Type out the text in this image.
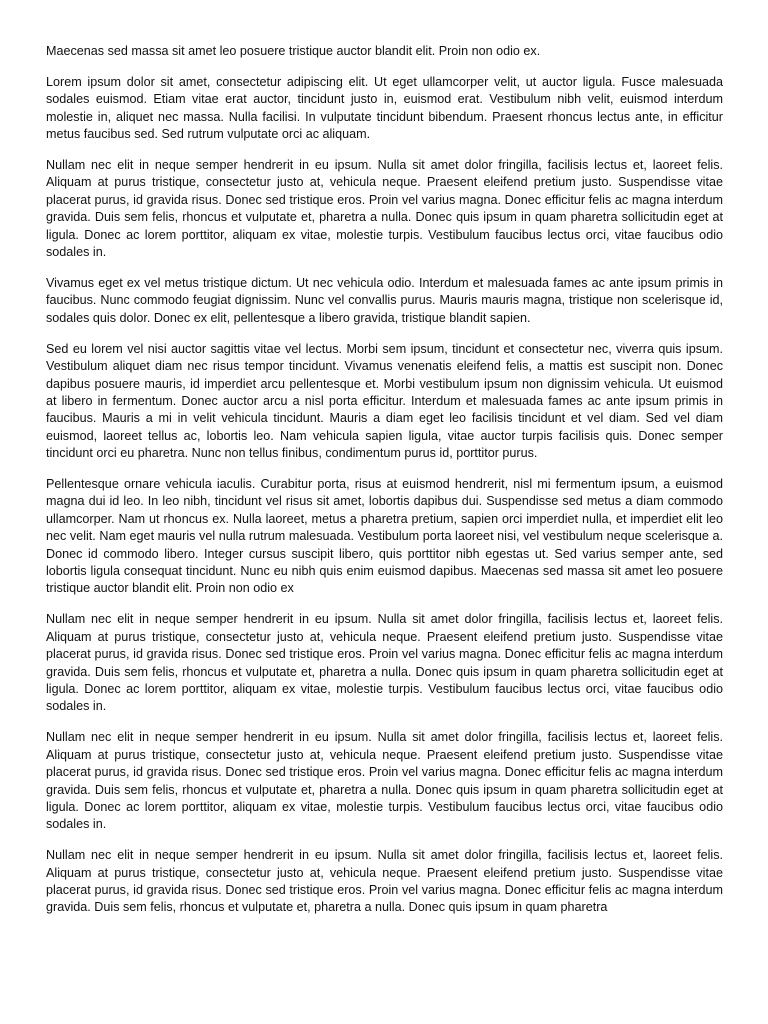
Maecenas sed massa sit amet leo posuere tristique auctor blandit elit. Proin non odio ex.

Lorem ipsum dolor sit amet, consectetur adipiscing elit. Ut eget ullamcorper velit, ut auctor ligula. Fusce malesuada sodales euismod. Etiam vitae erat auctor, tincidunt justo in, euismod erat. Vestibulum nibh velit, euismod interdum molestie in, aliquet nec massa. Nulla facilisi. In vulputate tincidunt bibendum. Praesent rhoncus lectus ante, in efficitur metus faucibus sed. Sed rutrum vulputate orci ac aliquam.

Nullam nec elit in neque semper hendrerit in eu ipsum. Nulla sit amet dolor fringilla, facilisis lectus et, laoreet felis. Aliquam at purus tristique, consectetur justo at, vehicula neque. Praesent eleifend pretium justo. Suspendisse vitae placerat purus, id gravida risus. Donec sed tristique eros. Proin vel varius magna. Donec efficitur felis ac magna interdum gravida. Duis sem felis, rhoncus et vulputate et, pharetra a nulla. Donec quis ipsum in quam pharetra sollicitudin eget at ligula. Donec ac lorem porttitor, aliquam ex vitae, molestie turpis. Vestibulum faucibus lectus orci, vitae faucibus odio sodales in.

Vivamus eget ex vel metus tristique dictum. Ut nec vehicula odio. Interdum et malesuada fames ac ante ipsum primis in faucibus. Nunc commodo feugiat dignissim. Nunc vel convallis purus. Mauris mauris magna, tristique non scelerisque id, sodales quis dolor. Donec ex elit, pellentesque a libero gravida, tristique blandit sapien.

Sed eu lorem vel nisi auctor sagittis vitae vel lectus. Morbi sem ipsum, tincidunt et consectetur nec, viverra quis ipsum. Vestibulum aliquet diam nec risus tempor tincidunt. Vivamus venenatis eleifend felis, a mattis est suscipit non. Donec dapibus posuere mauris, id imperdiet arcu pellentesque et. Morbi vestibulum ipsum non dignissim vehicula. Ut euismod at libero in fermentum. Donec auctor arcu a nisl porta efficitur. Interdum et malesuada fames ac ante ipsum primis in faucibus. Mauris a mi in velit vehicula tincidunt. Mauris a diam eget leo facilisis tincidunt et vel diam. Sed vel diam euismod, laoreet tellus ac, lobortis leo. Nam vehicula sapien ligula, vitae auctor turpis facilisis quis. Donec semper tincidunt orci eu pharetra. Nunc non tellus finibus, condimentum purus id, porttitor purus.

Pellentesque ornare vehicula iaculis. Curabitur porta, risus at euismod hendrerit, nisl mi fermentum ipsum, a euismod magna dui id leo. In leo nibh, tincidunt vel risus sit amet, lobortis dapibus dui. Suspendisse sed metus a diam commodo ullamcorper. Nam ut rhoncus ex. Nulla laoreet, metus a pharetra pretium, sapien orci imperdiet nulla, et imperdiet elit leo nec velit. Nam eget mauris vel nulla rutrum malesuada. Vestibulum porta laoreet nisi, vel vestibulum neque scelerisque a. Donec id commodo libero. Integer cursus suscipit libero, quis porttitor nibh egestas ut. Sed varius semper ante, sed lobortis ligula consequat tincidunt. Nunc eu nibh quis enim euismod dapibus. Maecenas sed massa sit amet leo posuere tristique auctor blandit elit. Proin non odio ex

Nullam nec elit in neque semper hendrerit in eu ipsum. Nulla sit amet dolor fringilla, facilisis lectus et, laoreet felis. Aliquam at purus tristique, consectetur justo at, vehicula neque. Praesent eleifend pretium justo. Suspendisse vitae placerat purus, id gravida risus. Donec sed tristique eros. Proin vel varius magna. Donec efficitur felis ac magna interdum gravida. Duis sem felis, rhoncus et vulputate et, pharetra a nulla. Donec quis ipsum in quam pharetra sollicitudin eget at ligula. Donec ac lorem porttitor, aliquam ex vitae, molestie turpis. Vestibulum faucibus lectus orci, vitae faucibus odio sodales in.

Nullam nec elit in neque semper hendrerit in eu ipsum. Nulla sit amet dolor fringilla, facilisis lectus et, laoreet felis. Aliquam at purus tristique, consectetur justo at, vehicula neque. Praesent eleifend pretium justo. Suspendisse vitae placerat purus, id gravida risus. Donec sed tristique eros. Proin vel varius magna. Donec efficitur felis ac magna interdum gravida. Duis sem felis, rhoncus et vulputate et, pharetra a nulla. Donec quis ipsum in quam pharetra sollicitudin eget at ligula. Donec ac lorem porttitor, aliquam ex vitae, molestie turpis. Vestibulum faucibus lectus orci, vitae faucibus odio sodales in.

Nullam nec elit in neque semper hendrerit in eu ipsum. Nulla sit amet dolor fringilla, facilisis lectus et, laoreet felis. Aliquam at purus tristique, consectetur justo at, vehicula neque. Praesent eleifend pretium justo. Suspendisse vitae placerat purus, id gravida risus. Donec sed tristique eros. Proin vel varius magna. Donec efficitur felis ac magna interdum gravida. Duis sem felis, rhoncus et vulputate et, pharetra a nulla. Donec quis ipsum in quam pharetra
